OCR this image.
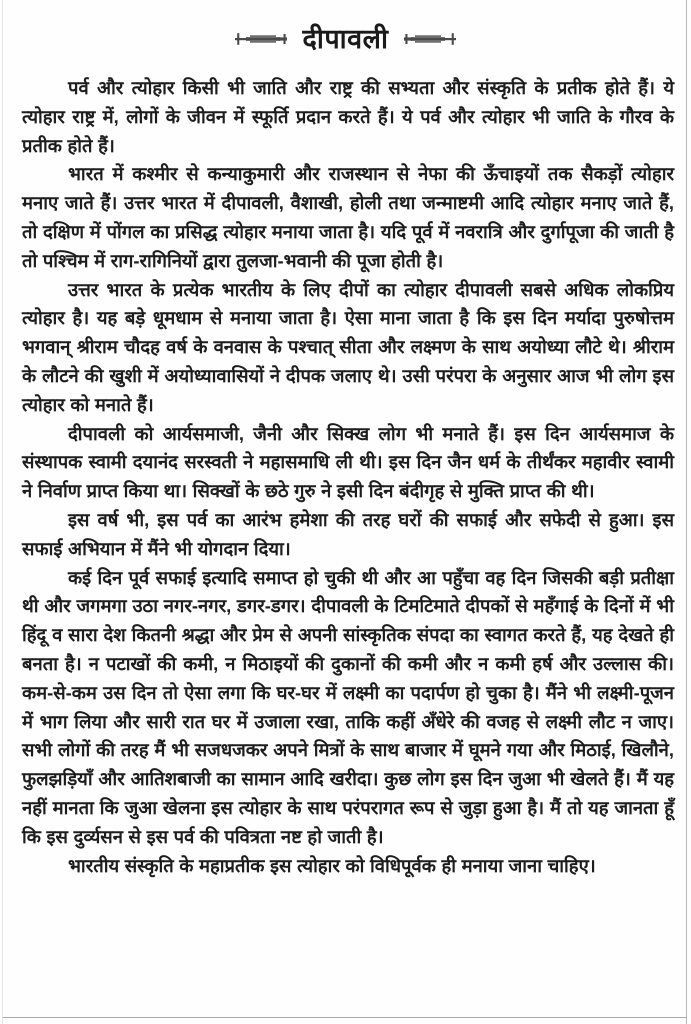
दीपावली

पर्व और त्योहार किसी भी जाति और राष्ट्र की सभ्यता और संस्कृति के प्रतीक होते हैं। ये त्योहार राष्ट्र में, लोगों के जीवन में स्फूर्ति प्रदान करते हैं। ये पर्व और त्योहार भी जाति के गौरव के प्रतीक होते हैं।

भारत में कश्मीर से कन्याकुमारी और राजस्थान से नेफा की ऊँचाइयों तक सैकड़ों त्योहार मनाए जाते हैं। उत्तर भारत में दीपावली, वैशाखी, होली तथा जन्माष्टमी आदि त्योहार मनाए जाते हैं, तो दक्षिण में पोंगल का प्रसिद्ध त्योहार मनाया जाता है। यदि पूर्व में नवरात्रि और दुर्गापूजा की जाती है तो पश्चिम में राग-रागिनियों द्वारा तुलजा-भवानी की पूजा होती है।

उत्तर भारत के प्रत्येक भारतीय के लिए दीपों का त्योहार दीपावली सबसे अधिक लोकप्रिय त्योहार है। यह बड़े धूमधाम से मनाया जाता है। ऐसा माना जाता है कि इस दिन मर्यादा पुरुषोत्तम भगवान् श्रीराम चौदह वर्ष के वनवास के पश्चात् सीता और लक्ष्मण के साथ अयोध्या लौटे थे। श्रीराम के लौटने की खुशी में अयोध्यावासियों ने दीपक जलाए थे। उसी परंपरा के अनुसार आज भी लोग इस त्योहार को मनाते हैं।

दीपावली को आर्यसमाजी, जैनी और सिक्ख लोग भी मनाते हैं। इस दिन आर्यसमाज के संस्थापक स्वामी दयानंद सरस्वती ने महासमाधि ली थी। इस दिन जैन धर्म के तीर्थंकर महावीर स्वामी ने निर्वाण प्राप्त किया था। सिक्खों के छठे गुरु ने इसी दिन बंदीगृह से मुक्ति प्राप्त की थी।

इस वर्ष भी, इस पर्व का आरंभ हमेशा की तरह घरों की सफाई और सफेदी से हुआ। इस सफाई अभियान में मैंने भी योगदान दिया।

कई दिन पूर्व सफाई इत्यादि समाप्त हो चुकी थी और आ पहुँचा वह दिन जिसकी बड़ी प्रतीक्षा थी और जगमगा उठा नगर-नगर, डगर-डगर। दीपावली के टिमटिमाते दीपकों से महँगाई के दिनों में भी हिंदू व सारा देश कितनी श्रद्धा और प्रेम से अपनी सांस्कृतिक संपदा का स्वागत करते हैं, यह देखते ही बनता है। न पटाखों की कमी, न मिठाइयों की दुकानों की कमी और न कमी हर्ष और उल्लास की। कम-से-कम उस दिन तो ऐसा लगा कि घर-घर में लक्ष्मी का पदार्पण हो चुका है। मैंने भी लक्ष्मी-पूजन में भाग लिया और सारी रात घर में उजाला रखा, ताकि कहीं अँधेरे की वजह से लक्ष्मी लौट न जाए। सभी लोगों की तरह मैं भी सजधजकर अपने मित्रों के साथ बाजार में घूमने गया और मिठाई, खिलौने, फुलझड़ियाँ और आतिशबाजी का सामान आदि खरीदा। कुछ लोग इस दिन जुआ भी खेलते हैं। मैं यह नहीं मानता कि जुआ खेलना इस त्योहार के साथ परंपरागत रूप से जुड़ा हुआ है। मैं तो यह जानता हूँ कि इस दुर्व्यसन से इस पर्व की पवित्रता नष्ट हो जाती है।

भारतीय संस्कृति के महाप्रतीक इस त्योहार को विधिपूर्वक ही मनाया जाना चाहिए।
